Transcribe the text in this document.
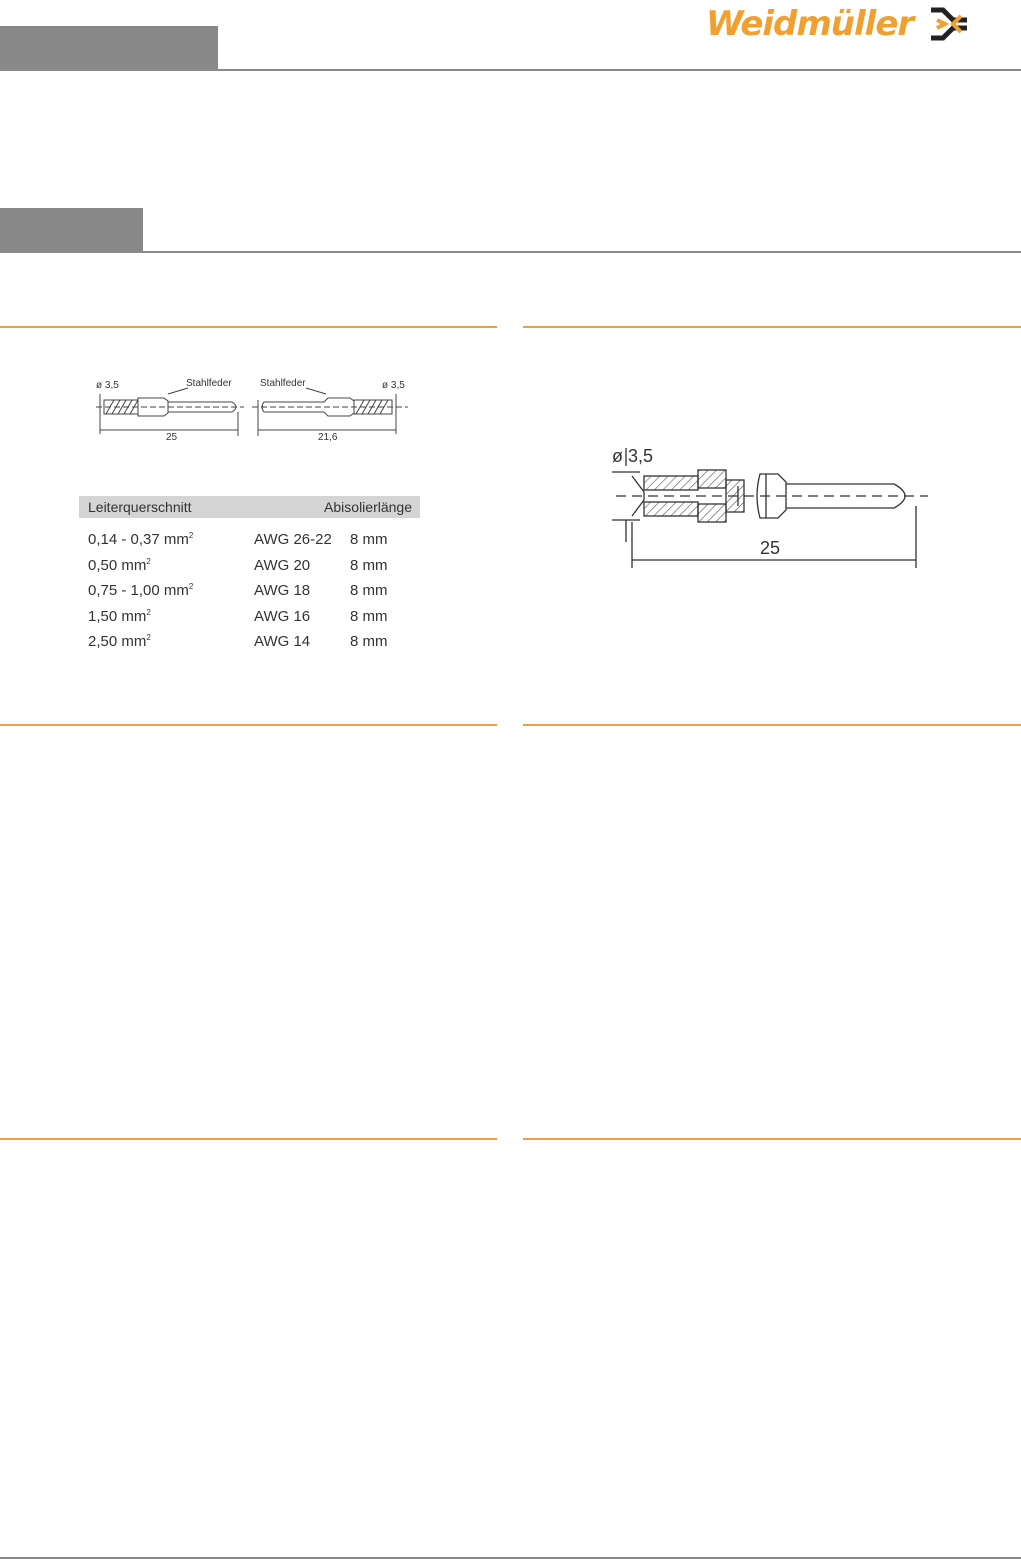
Weidmüller
ø 3,5	Stahlfeder
25
Stahlfeder	ø 3,5
21,6
Leiterquerschnitt	Abisolierlänge
0,14 - 0,37 $mm^2$	AWG 26-22 8 mm
0,50 $mm^2$	AWG 20	8 mm
0,75 - 1,00 $mm^2$	AWG 18	8 mm
1,50 $mm^2$	AWG 16	8 mm
2,50 $mm^2$	AWG 14	8 mm
ø 3,5
25
